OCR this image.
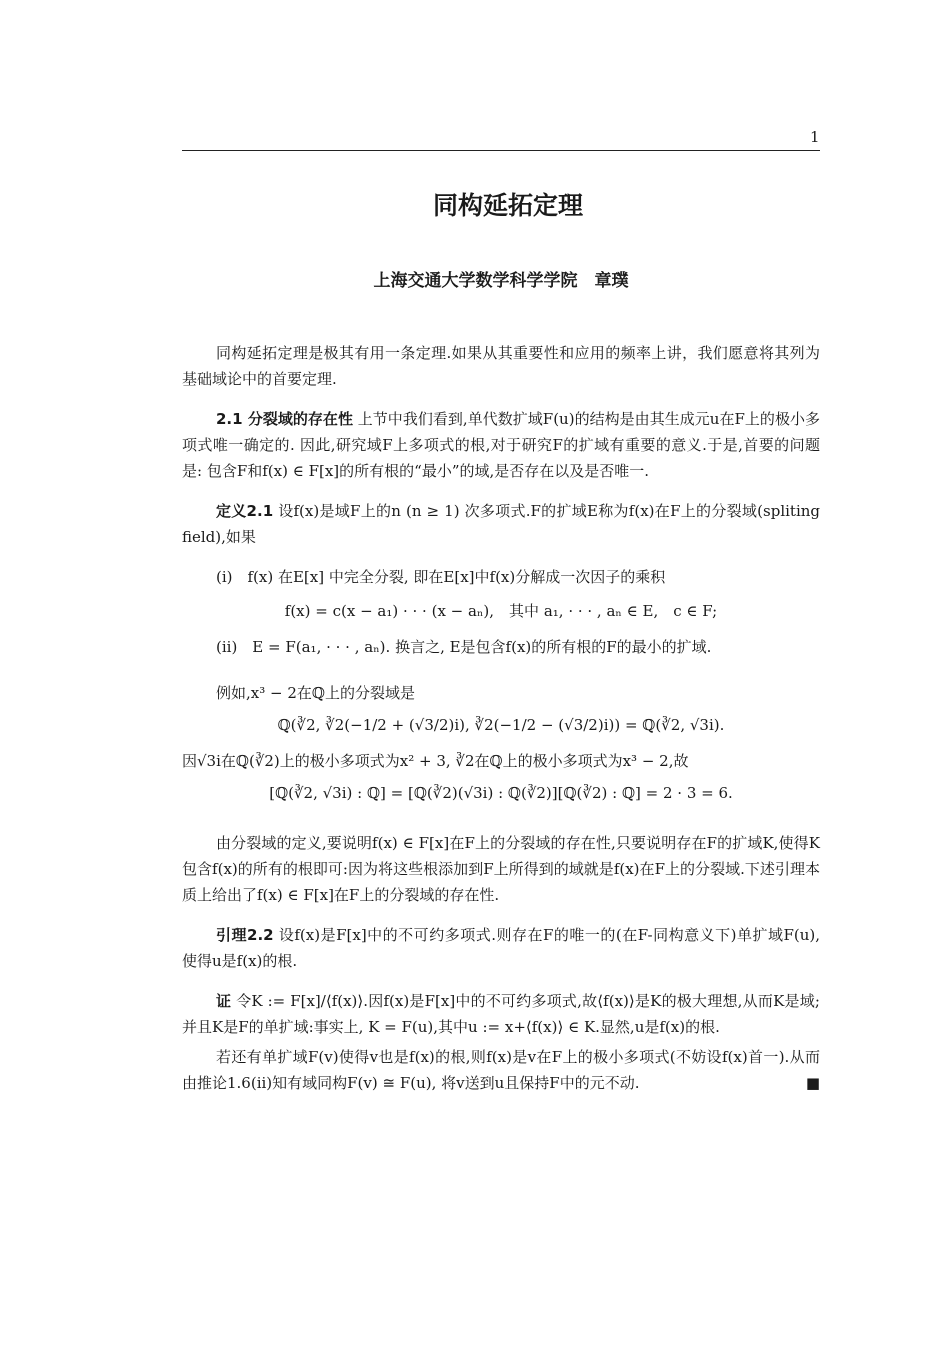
1
同构延拓定理
上海交通大学数学科学学院　章璞

同构延拓定理是极其有用一条定理.如果从其重要性和应用的频率上讲，我们愿意将其列为基础域论中的首要定理.

2.1 分裂域的存在性 上节中我们看到,单代数扩域F(u)的结构是由其生成元u在F上的极小多项式唯一确定的. 因此,研究域F上多项式的根,对于研究F的扩域有重要的意义.于是,首要的问题是: 包含F和f(x) ∈ F[x]的所有根的“最小”的域,是否存在以及是否唯一.

定义2.1 设f(x)是域F上的n (n ≥ 1) 次多项式.F的扩域E称为f(x)在F上的分裂域(spliting field),如果

(i)　f(x) 在E[x] 中完全分裂, 即在E[x]中f(x)分解成一次因子的乘积
f(x) = c(x − a₁) · · · (x − aₙ),　其中 a₁, · · · , aₙ ∈ E,　c ∈ F;
(ii)　E = F(a₁, · · · , aₙ). 换言之, E是包含f(x)的所有根的F的最小的扩域.

例如,x³ − 2在ℚ上的分裂域是

ℚ(∛2, ∛2(−1/2 + (√3/2)i), ∛2(−1/2 − (√3/2)i)) = ℚ(∛2, √3i).

因√3i在ℚ(∛2)上的极小多项式为x² + 3, ∛2在ℚ上的极小多项式为x³ − 2,故

[ℚ(∛2, √3i) : ℚ] = [ℚ(∛2)(√3i) : ℚ(∛2)][ℚ(∛2) : ℚ] = 2 · 3 = 6.

由分裂域的定义,要说明f(x) ∈ F[x]在F上的分裂域的存在性,只要说明存在F的扩域K,使得K包含f(x)的所有的根即可:因为将这些根添加到F上所得到的域就是f(x)在F上的分裂域.下述引理本质上给出了f(x) ∈ F[x]在F上的分裂域的存在性.

引理2.2 设f(x)是F[x]中的不可约多项式.则存在F的唯一的(在F-同构意义下)单扩域F(u), 使得u是f(x)的根.

证 令K := F[x]/⟨f(x)⟩.因f(x)是F[x]中的不可约多项式,故⟨f(x)⟩是K的极大理想,从而K是域; 并且K是F的单扩域:事实上, K = F(u),其中u := x+⟨f(x)⟩ ∈ K.显然,u是f(x)的根.

若还有单扩域F(v)使得v也是f(x)的根,则f(x)是v在F上的极小多项式(不妨设f(x)首一).从而由推论1.6(ii)知有域同构F(v) ≅ F(u), 将v送到u且保持F中的元不动.	■
